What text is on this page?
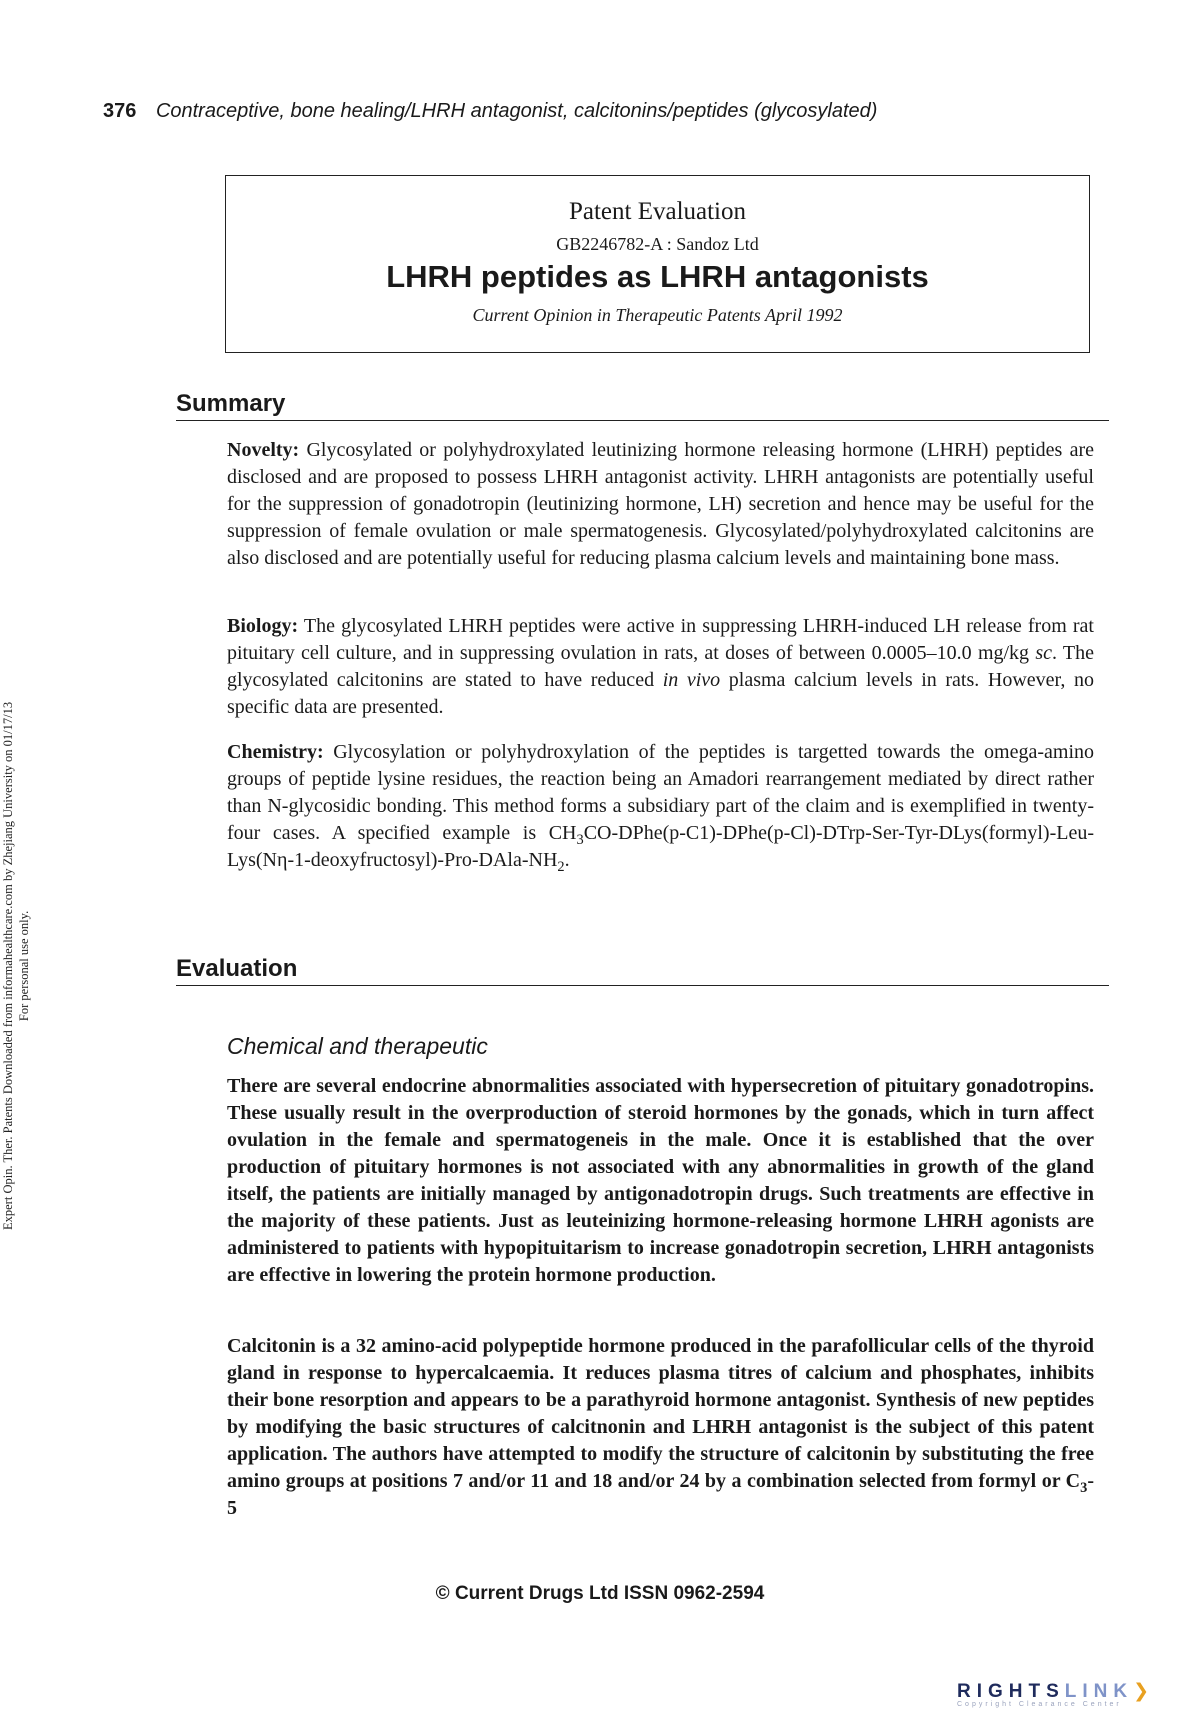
376 Contraceptive, bone healing/LHRH antagonist, calcitonins/peptides (glycosylated)
Expert Opin. Ther. Patents Downloaded from informahealthcare.com by Zhejiang University on 01/17/13 For personal use only.
Patent Evaluation
GB2246782-A : Sandoz Ltd
LHRH peptides as LHRH antagonists
Current Opinion in Therapeutic Patents April 1992
Summary
Novelty: Glycosylated or polyhydroxylated leutinizing hormone releasing hormone (LHRH) peptides are disclosed and are proposed to possess LHRH antagonist activity. LHRH antagonists are potentially useful for the suppression of gonadotropin (leutinizing hormone, LH) secretion and hence may be useful for the suppression of female ovulation or male spermatogenesis. Glycosylated/polyhydroxylated calcitonins are also disclosed and are potentially useful for reducing plasma calcium levels and maintaining bone mass.
Biology: The glycosylated LHRH peptides were active in suppressing LHRH-induced LH release from rat pituitary cell culture, and in suppressing ovulation in rats, at doses of between 0.0005–10.0 mg/kg sc. The glycosylated calcitonins are stated to have reduced in vivo plasma calcium levels in rats. However, no specific data are presented.
Chemistry: Glycosylation or polyhydroxylation of the peptides is targetted towards the omega-amino groups of peptide lysine residues, the reaction being an Amadori rearrangement mediated by direct rather than N-glycosidic bonding. This method forms a subsidiary part of the claim and is exemplified in twenty-four cases. A specified example is $CH_3CO-DPhe(p-C1)-DPhe(p-Cl)-DTrp-Ser-Tyr-DLys(formyl)-Leu-Lys(N\eta-1-deoxyfructosyl)-Pro-DAla-NH_2$.
Evaluation
Chemical and therapeutic
There are several endocrine abnormalities associated with hypersecretion of pituitary gonadotropins. These usually result in the overproduction of steroid hormones by the gonads, which in turn affect ovulation in the female and spermatogeneis in the male. Once it is established that the over production of pituitary hormones is not associated with any abnormalities in growth of the gland itself, the patients are initially managed by antigonadotropin drugs. Such treatments are effective in the majority of these patients. Just as leuteinizing hormone-releasing hormone LHRH agonists are administered to patients with hypopituitarism to increase gonadotropin secretion, LHRH antagonists are effective in lowering the protein hormone production.
Calcitonin is a 32 amino-acid polypeptide hormone produced in the parafollicular cells of the thyroid gland in response to hypercalcaemia. It reduces plasma titres of calcium and phosphates, inhibits their bone resorption and appears to be a parathyroid hormone antagonist. Synthesis of new peptides by modifying the basic structures of calcitnonin and LHRH antagonist is the subject of this patent application. The authors have attempted to modify the structure of calcitonin by substituting the free amino groups at positions 7 and/or 11 and 18 and/or 24 by a combination selected from formyl or $C_3-5$
© Current Drugs Ltd ISSN 0962-2594
RIGHTSLINK❯
Copyright Clearance Center
